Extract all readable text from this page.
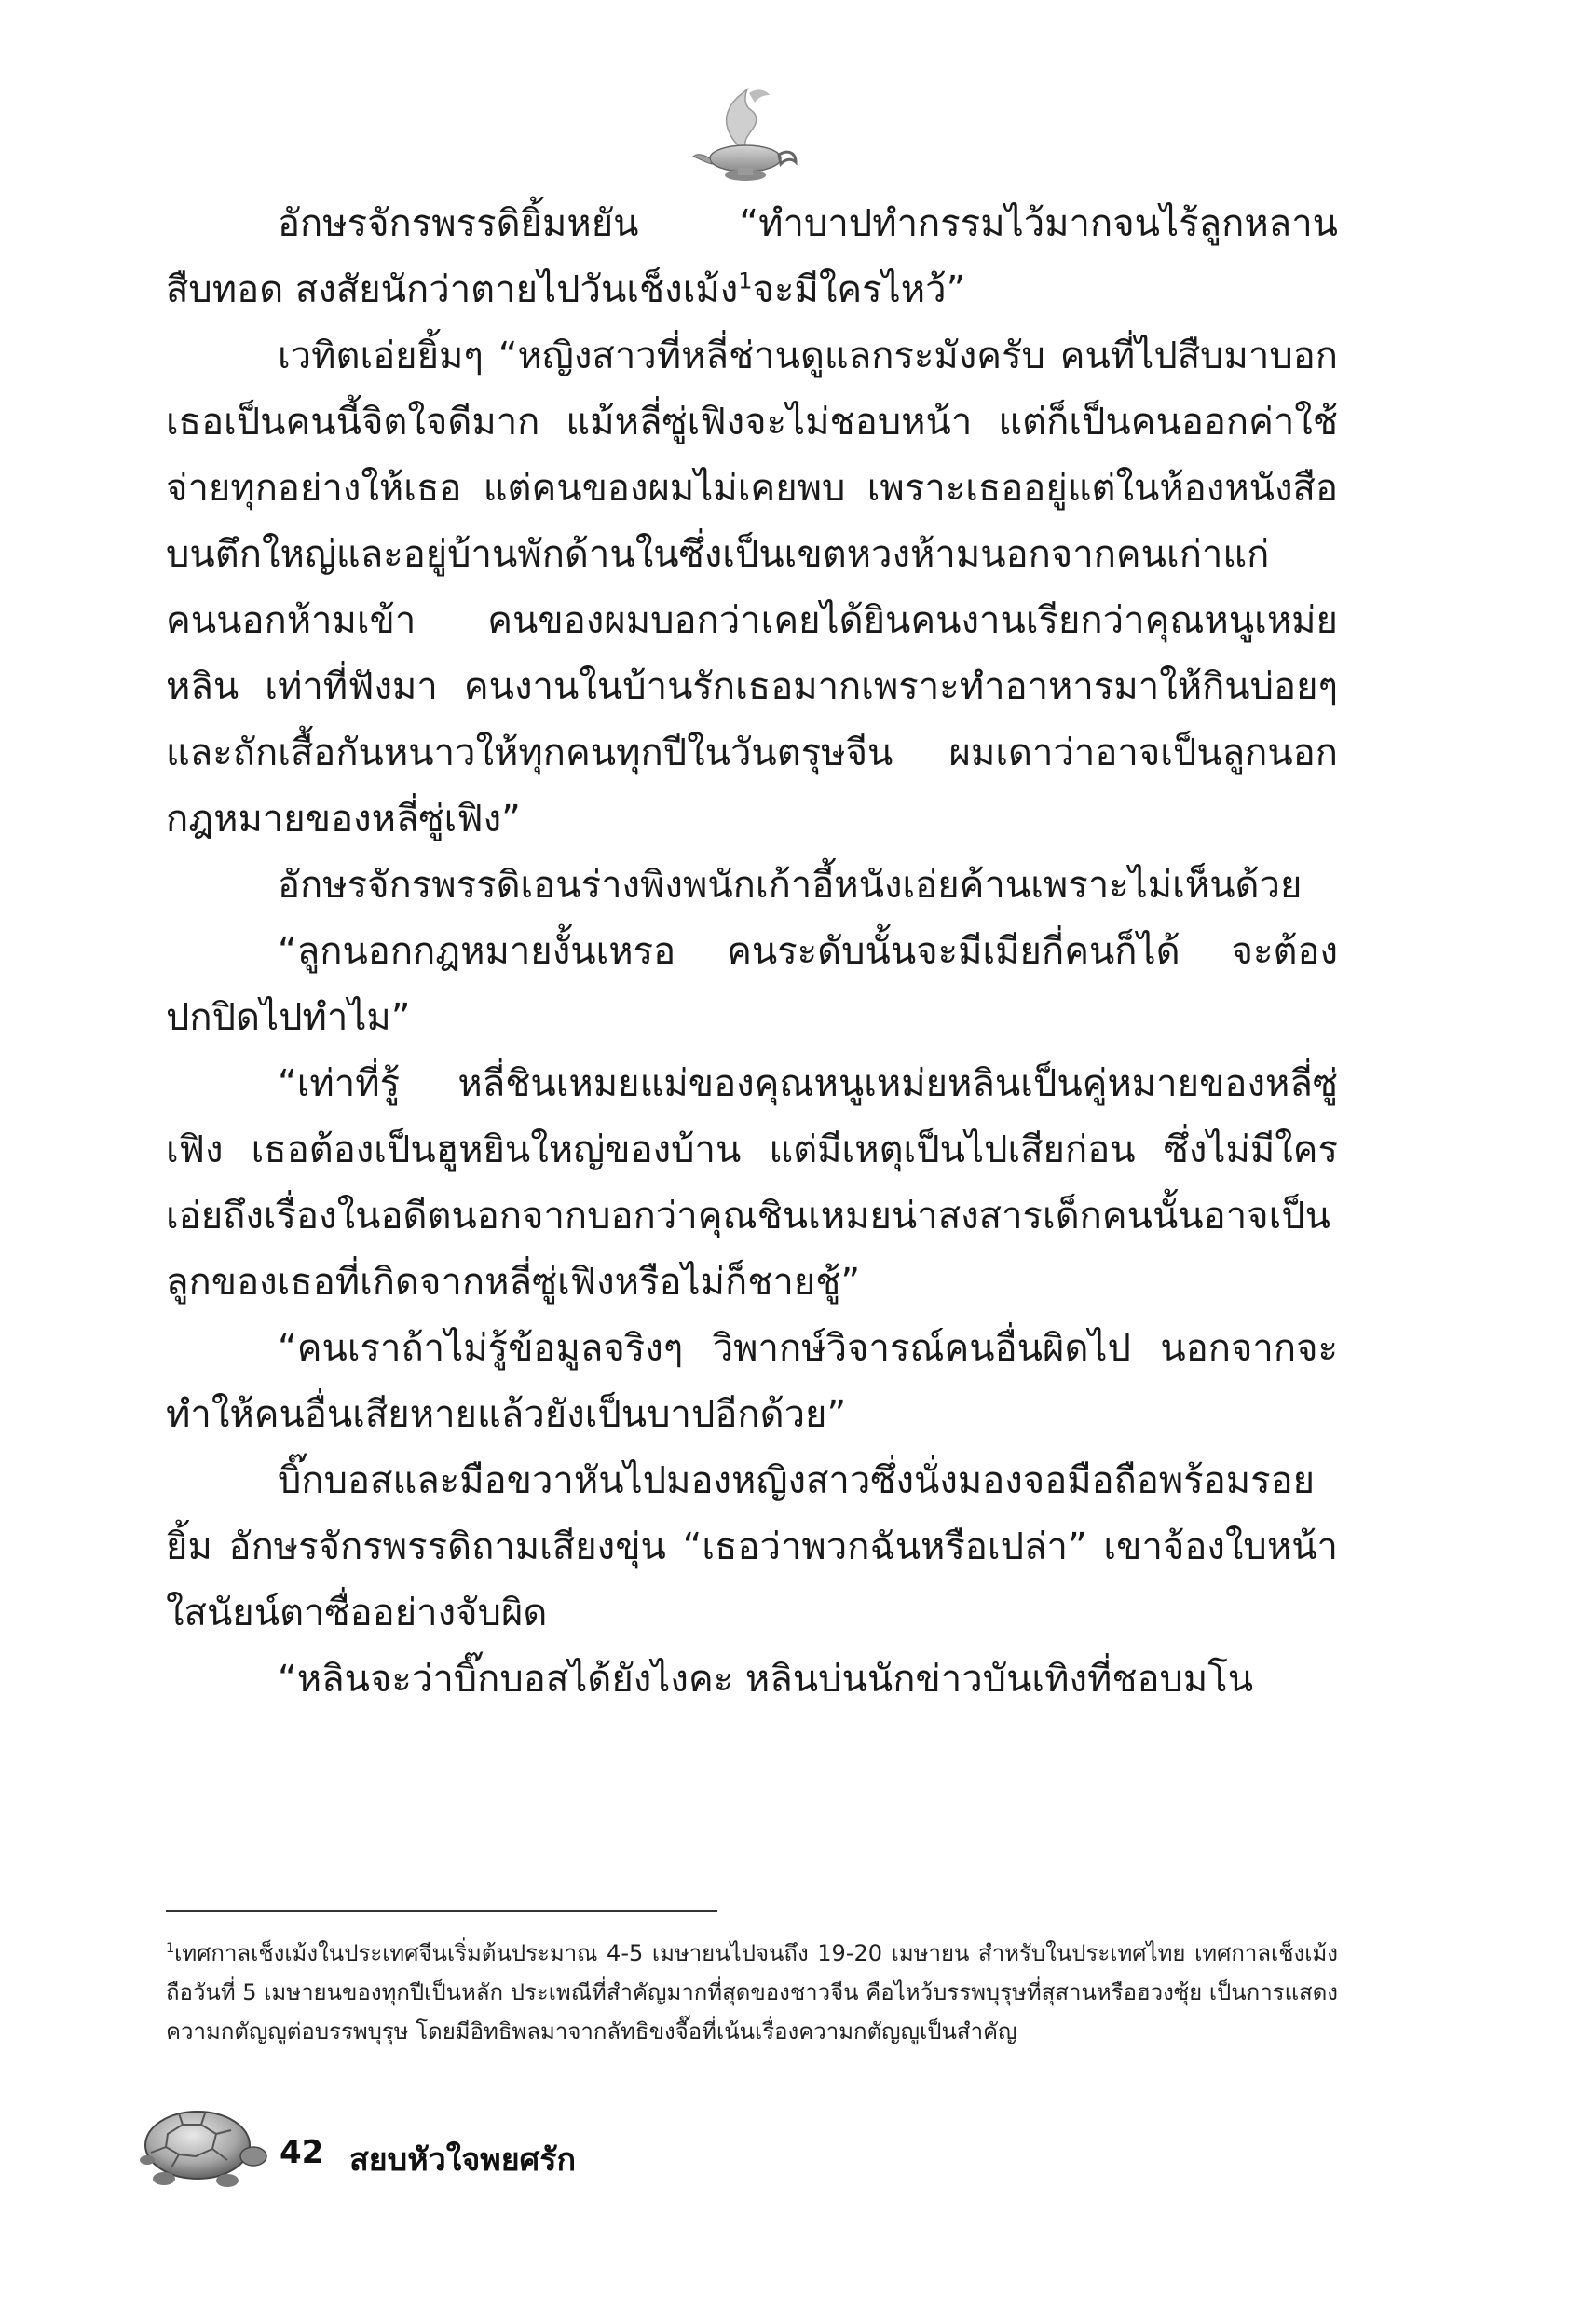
อักษรจักรพรรดิยิ้มหยัน “ทำบาปทำกรรมไว้มากจนไร้ลูกหลานสืบทอด สงสัยนักว่าตายไปวันเช็งเม้ง$^1$จะมีใครไหว้”

เวทิตเอ่ยยิ้มๆ “หญิงสาวที่หลี่ช่านดูแลกระมังครับ คนที่ไปสืบมาบอกเธอเป็นคนนี้จิตใจดีมาก แม้หลี่ซู่เฟิงจะไม่ชอบหน้า แต่ก็เป็นคนออกค่าใช้จ่ายทุกอย่างให้เธอ แต่คนของผมไม่เคยพบ เพราะเธออยู่แต่ในห้องหนังสือบนตึกใหญ่และอยู่บ้านพักด้านในซึ่งเป็นเขตหวงห้ามนอกจากคนเก่าแก่ คนนอกห้ามเข้า คนของผมบอกว่าเคยได้ยินคนงานเรียกว่าคุณหนูเหม่ยหลิน เท่าที่ฟังมา คนงานในบ้านรักเธอมากเพราะทำอาหารมาให้กินบ่อยๆ และถักเสื้อกันหนาวให้ทุกคนทุกปีในวันตรุษจีน ผมเดาว่าอาจเป็นลูกนอกกฎหมายของหลี่ซู่เฟิง”

อักษรจักรพรรดิเอนร่างพิงพนักเก้าอี้หนังเอ่ยค้านเพราะไม่เห็นด้วย

“ลูกนอกกฎหมายงั้นเหรอ คนระดับนั้นจะมีเมียกี่คนก็ได้ จะต้องปกปิดไปทำไม”

“เท่าที่รู้ หลี่ชินเหมยแม่ของคุณหนูเหม่ยหลินเป็นคู่หมายของหลี่ซู่เฟิง เธอต้องเป็นฮูหยินใหญ่ของบ้าน แต่มีเหตุเป็นไปเสียก่อน ซึ่งไม่มีใครเอ่ยถึงเรื่องในอดีตนอกจากบอกว่าคุณชินเหมยน่าสงสารเด็กคนนั้นอาจเป็นลูกของเธอที่เกิดจากหลี่ซู่เฟิงหรือไม่ก็ชายชู้”

“คนเราถ้าไม่รู้ข้อมูลจริงๆ วิพากษ์วิจารณ์คนอื่นผิดไป นอกจากจะทำให้คนอื่นเสียหายแล้วยังเป็นบาปอีกด้วย”

บิ๊กบอสและมือขวาหันไปมองหญิงสาวซึ่งนั่งมองจอมือถือพร้อมรอยยิ้ม อักษรจักรพรรดิถามเสียงขุ่น “เธอว่าพวกฉันหรือเปล่า” เขาจ้องใบหน้าใสนัยน์ตาซื่ออย่างจับผิด

“หลินจะว่าบิ๊กบอสได้ยังไงคะ หลินบ่นนักข่าวบันเทิงที่ชอบมโน

$^1$เทศกาลเช็งเม้งในประเทศจีนเริ่มต้นประมาณ 4-5 เมษายนไปจนถึง 19-20 เมษายน สำหรับในประเทศไทย เทศกาลเช็งเม้งถือวันที่ 5 เมษายนของทุกปีเป็นหลัก ประเพณีที่สำคัญมากที่สุดของชาวจีน คือไหว้บรรพบุรุษที่สุสานหรือฮวงซุ้ย เป็นการแสดงความกตัญญูต่อบรรพบุรุษ โดยมีอิทธิพลมาจากลัทธิขงจื๊อที่เน้นเรื่องความกตัญญูเป็นสำคัญ
42 สยบหัวใจพยศรัก
